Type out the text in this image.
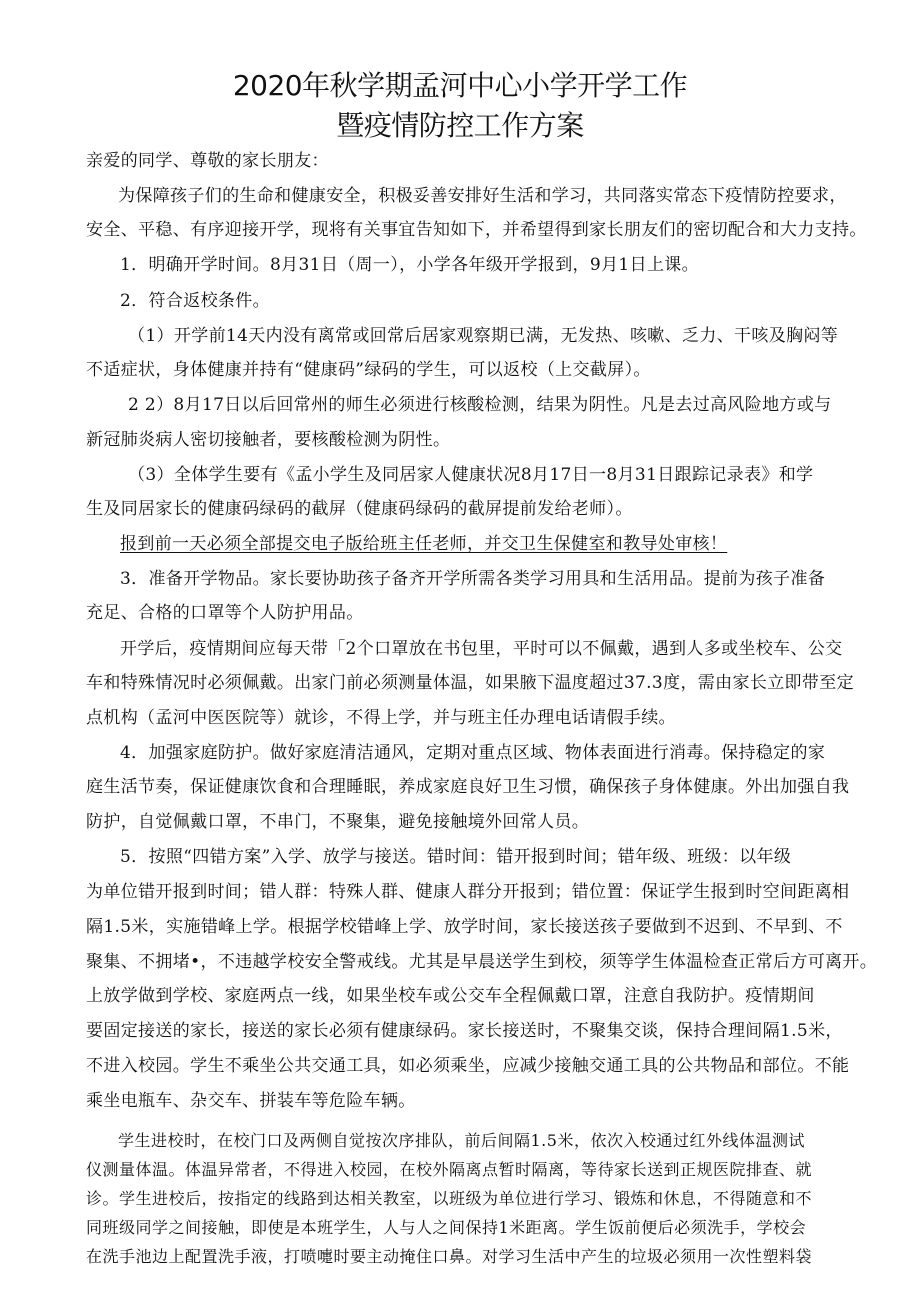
2020年秋学期孟河中心小学开学工作
暨疫情防控工作方案
亲爱的同学、尊敬的家长朋友：
为保障孩子们的生命和健康安全，积极妥善安排好生活和学习，共同落实常态下疫情防控要求，
安全、平稳、有序迎接开学，现将有关事宜告知如下，并希望得到家长朋友们的密切配合和大力支持。
1．明确开学时间。8月31日（周一），小学各年级开学报到，9月1日上课。
2．符合返校条件。
（1）开学前14天内没有离常或回常后居家观察期已满，无发热、咳嗽、乏力、干咳及胸闷等
不适症状，身体健康并持有“健康码”绿码的学生，可以返校（上交截屏）。
2 2）8月17日以后回常州的师生必须进行核酸检测，结果为阴性。凡是去过高风险地方或与
新冠肺炎病人密切接触者，要核酸检测为阴性。
（3）全体学生要有《孟小学生及同居家人健康状况8月17日一8月31日跟踪记录表》和学
生及同居家长的健康码绿码的截屏（健康码绿码的截屏提前发给老师）。
报到前一天必须全部提交电子版给班主任老师，并交卫生保健室和教导处审核！
3．准备开学物品。家长要协助孩子备齐开学所需各类学习用具和生活用品。提前为孩子准备
充足、合格的口罩等个人防护用品。
开学后，疫情期间应每天带「2个口罩放在书包里，平时可以不佩戴，遇到人多或坐校车、公交
车和特殊情况时必须佩戴。出家门前必须测量体温，如果腋下温度超过37.3度，需由家长立即带至定
点机构（孟河中医医院等）就诊，不得上学，并与班主任办理电话请假手续。
4．加强家庭防护。做好家庭清洁通风，定期对重点区域、物体表面进行消毒。保持稳定的家
庭生活节奏，保证健康饮食和合理睡眠，养成家庭良好卫生习惯，确保孩子身体健康。外出加强自我
防护，自觉佩戴口罩，不串门，不聚集，避免接触境外回常人员。
5．按照“四错方案”入学、放学与接送。错时间：错开报到时间；错年级、班级：以年级
为单位错开报到时间；错人群：特殊人群、健康人群分开报到；错位置：保证学生报到时空间距离相
隔1.5米，实施错峰上学。根据学校错峰上学、放学时间，家长接送孩子要做到不迟到、不早到、不
聚集、不拥堵•，不违越学校安全警戒线。尤其是早晨送学生到校，须等学生体温检查正常后方可离开。
上放学做到学校、家庭两点一线，如果坐校车或公交车全程佩戴口罩，注意自我防护。疫情期间
要固定接送的家长，接送的家长必须有健康绿码。家长接送时，不聚集交谈，保持合理间隔1.5米，
不进入校园。学生不乘坐公共交通工具，如必须乘坐，应减少接触交通工具的公共物品和部位。不能
乘坐电瓶车、杂交车、拼装车等危险车辆。
学生进校时，在校门口及两侧自觉按次序排队，前后间隔1.5米，依次入校通过红外线体温测试
仪测量体温。体温异常者，不得进入校园，在校外隔离点暂时隔离，等待家长送到正规医院排查、就
诊。学生进校后，按指定的线路到达相关教室，以班级为单位进行学习、锻炼和休息，不得随意和不
同班级同学之间接触，即使是本班学生，人与人之间保持1米距离。学生饭前便后必须洗手，学校会
在洗手池边上配置洗手液，打喷嚏时要主动掩住口鼻。对学习生活中产生的垃圾必须用一次性塑料袋
